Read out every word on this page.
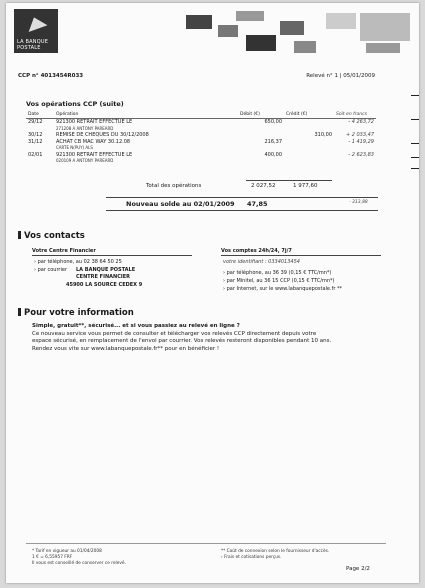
LA BANQUE
POSTALE
CCP n° 4013454R033	Relevé n° 1 | 05/01/2009
Vos opérations CCP (suite)
Date	Opération	Débit (€)	Crédit (€)	Soit en francs
29/12	921300 RETRAIT EFFECTUE LE
271208 A ANTONY PAREARD	650,00		- 4 263,72
30/12	REMISE DE CHEQUES DU 30/12/2008		310,00	+ 2 033,47
31/12	ACHAT CB MAC WAY 30.12.08
CARTE N(PUY) ALS	216,37		- 1 419,29
02/01	921300 RETRAIT EFFECTUE LE
020109 A ANTONY PAREARD	400,00		- 2 623,83
Total des opérations	2 027,52	1 977,60
Nouveau solde au 02/01/2009 47,85	- 313,88
Vos contacts
Votre Centre Financier
› par téléphone, au 02 38 64 50 25
› par courrier LA BANQUE POSTALE
CENTRE FINANCIER
45900 LA SOURCE CEDEX 9
Vos comptes 24h/24, 7j/7
votre identifiant : 0334013454
› par téléphone, au 36 39 (0,15 € TTC/mn*)
› par Minitel, au 36 15 CCP (0,15 € TTC/mn*)
› par Internet, sur le www.labanquepostale.fr **
Pour votre information
Simple, gratuit**, sécurisé... et si vous passiez au relevé en ligne ?
Ce nouveau service vous permet de consulter et télécharger vos relevés CCP directement depuis votre
espace sécurisé, en remplacement de l'envoi par courrier. Vos relevés resteront disponibles pendant 10 ans.
Rendez vous vite sur www.labanquepostale.fr** pour en bénéficier !
* Tarif en vigueur au 01/04/2008
1 € = 6,55957 FRF
Il vous est conseillé de conserver ce relevé.
** Coût de connexion selon le fournisseur d'accès.
› Frais et cotisations perçus.
Page 2/2
